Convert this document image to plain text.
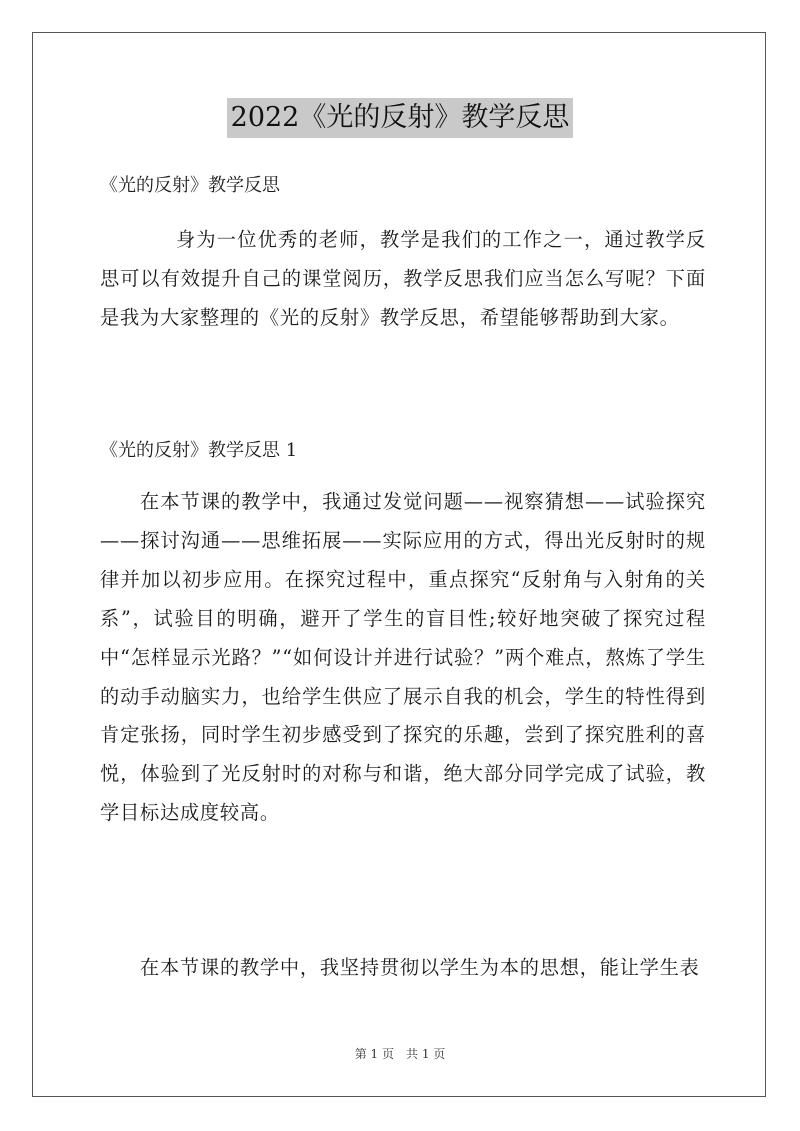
2022《光的反射》教学反思
《光的反射》教学反思
身为一位优秀的老师，教学是我们的工作之一，通过教学反思可以有效提升自己的课堂阅历，教学反思我们应当怎么写呢？下面是我为大家整理的《光的反射》教学反思，希望能够帮助到大家。
《光的反射》教学反思 1
在本节课的教学中，我通过发觉问题——视察猜想——试验探究——探讨沟通——思维拓展——实际应用的方式，得出光反射时的规律并加以初步应用。在探究过程中，重点探究“反射角与入射角的关系”，试验目的明确，避开了学生的盲目性;较好地突破了探究过程中“怎样显示光路？”“如何设计并进行试验？”两个难点，熬炼了学生的动手动脑实力，也给学生供应了展示自我的机会，学生的特性得到肯定张扬，同时学生初步感受到了探究的乐趣，尝到了探究胜利的喜悦，体验到了光反射时的对称与和谐，绝大部分同学完成了试验，教学目标达成度较高。
在本节课的教学中，我坚持贯彻以学生为本的思想，能让学生表
第 1 页　共 1 页
